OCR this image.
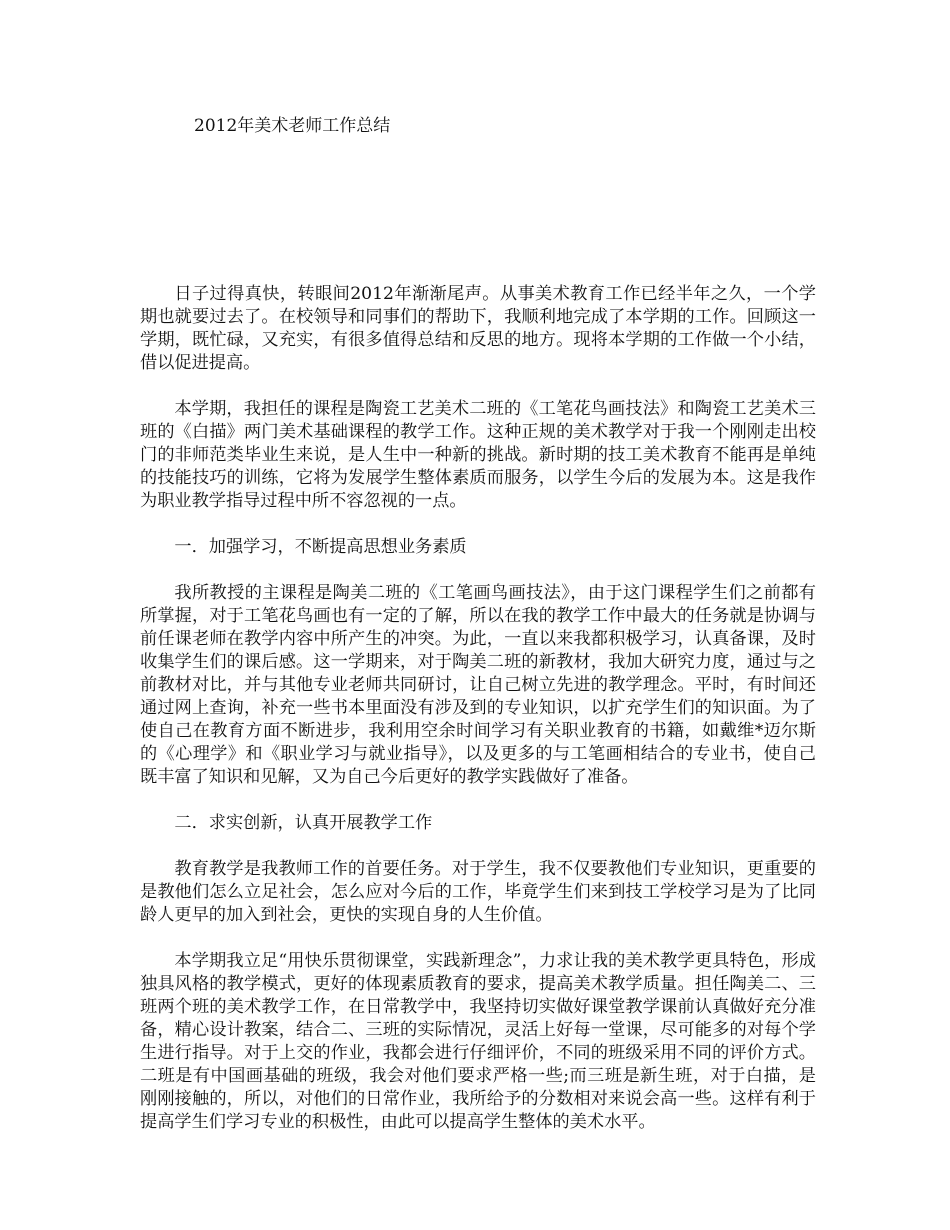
2012年美术老师工作总结

日子过得真快，转眼间2012年渐渐尾声。从事美术教育工作已经半年之久，一个学期也就要过去了。在校领导和同事们的帮助下，我顺利地完成了本学期的工作。回顾这一学期，既忙碌，又充实，有很多值得总结和反思的地方。现将本学期的工作做一个小结，借以促进提高。

本学期，我担任的课程是陶瓷工艺美术二班的《工笔花鸟画技法》和陶瓷工艺美术三班的《白描》两门美术基础课程的教学工作。这种正规的美术教学对于我一个刚刚走出校门的非师范类毕业生来说，是人生中一种新的挑战。新时期的技工美术教育不能再是单纯的技能技巧的训练，它将为发展学生整体素质而服务，以学生今后的发展为本。这是我作为职业教学指导过程中所不容忽视的一点。

一．加强学习，不断提高思想业务素质

我所教授的主课程是陶美二班的《工笔画鸟画技法》，由于这门课程学生们之前都有所掌握，对于工笔花鸟画也有一定的了解，所以在我的教学工作中最大的任务就是协调与前任课老师在教学内容中所产生的冲突。为此，一直以来我都积极学习，认真备课，及时收集学生们的课后感。这一学期来，对于陶美二班的新教材，我加大研究力度，通过与之前教材对比，并与其他专业老师共同研讨，让自己树立先进的教学理念。平时，有时间还通过网上查询，补充一些书本里面没有涉及到的专业知识，以扩充学生们的知识面。为了使自己在教育方面不断进步，我利用空余时间学习有关职业教育的书籍，如戴维*迈尔斯的《心理学》和《职业学习与就业指导》，以及更多的与工笔画相结合的专业书，使自己既丰富了知识和见解，又为自己今后更好的教学实践做好了准备。

二．求实创新，认真开展教学工作

教育教学是我教师工作的首要任务。对于学生，我不仅要教他们专业知识，更重要的是教他们怎么立足社会，怎么应对今后的工作，毕竟学生们来到技工学校学习是为了比同龄人更早的加入到社会，更快的实现自身的人生价值。

本学期我立足“用快乐贯彻课堂，实践新理念”，力求让我的美术教学更具特色，形成独具风格的教学模式，更好的体现素质教育的要求，提高美术教学质量。担任陶美二、三班两个班的美术教学工作，在日常教学中，我坚持切实做好课堂教学课前认真做好充分准备，精心设计教案，结合二、三班的实际情况，灵活上好每一堂课，尽可能多的对每个学生进行指导。对于上交的作业，我都会进行仔细评价，不同的班级采用不同的评价方式。二班是有中国画基础的班级，我会对他们要求严格一些;而三班是新生班，对于白描，是刚刚接触的，所以，对他们的日常作业，我所给予的分数相对来说会高一些。这样有利于提高学生们学习专业的积极性，由此可以提高学生整体的美术水平。
